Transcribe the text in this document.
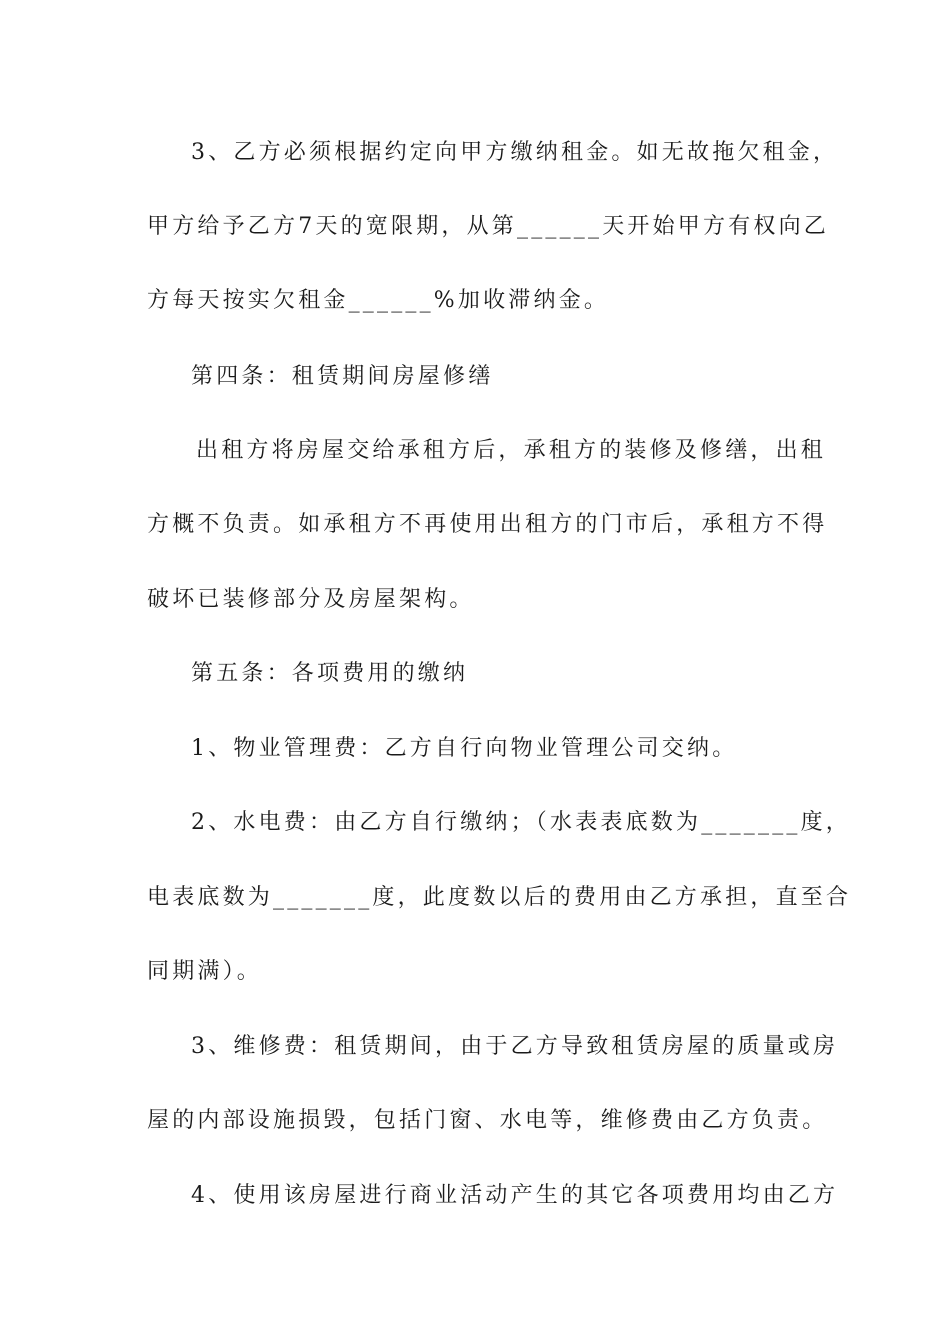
3、乙方必须根据约定向甲方缴纳租金。如无故拖欠租金，
甲方给予乙方7天的宽限期，从第______天开始甲方有权向乙
方每天按实欠租金______%加收滞纳金。
第四条：租赁期间房屋修缮
出租方将房屋交给承租方后，承租方的装修及修缮，出租
方概不负责。如承租方不再使用出租方的门市后，承租方不得
破坏已装修部分及房屋架构。
第五条：各项费用的缴纳
1、物业管理费：乙方自行向物业管理公司交纳。
2、水电费：由乙方自行缴纳；（水表表底数为_______度，
电表底数为_______度，此度数以后的费用由乙方承担，直至合
同期满）。
3、维修费：租赁期间，由于乙方导致租赁房屋的质量或房
屋的内部设施损毁，包括门窗、水电等，维修费由乙方负责。
4、使用该房屋进行商业活动产生的其它各项费用均由乙方
